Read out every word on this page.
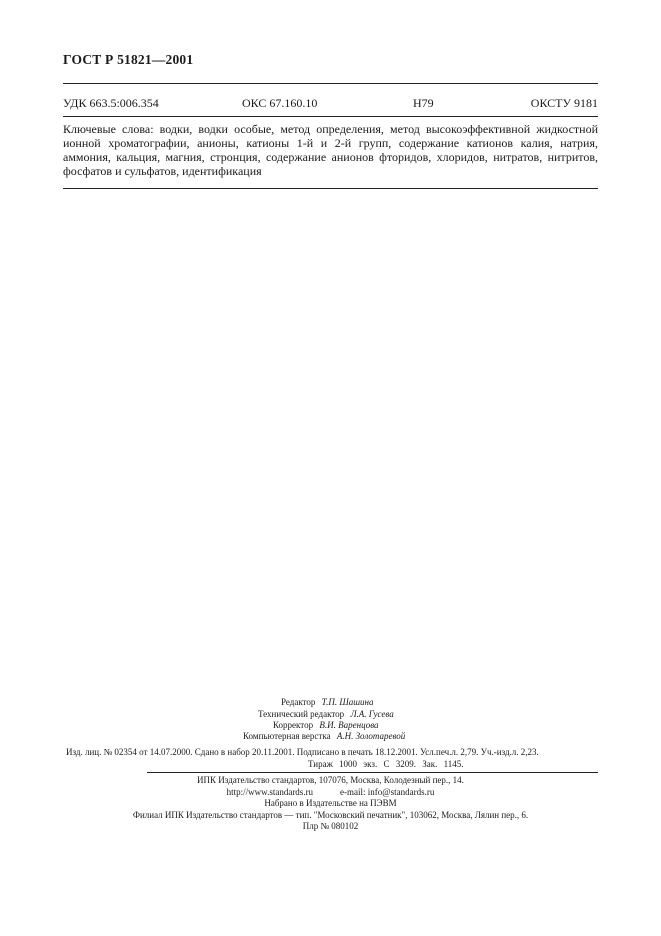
ГОСТ Р 51821—2001
УДК 663.5:006.354	ОКС 67.160.10	Н79	ОКСТУ 9181
Ключевые слова: водки, водки особые, метод определения, метод высокоэффективной жидкостной ионной хроматографии, анионы, катионы 1-й и 2-й групп, содержание катионов калия, натрия, аммония, кальция, магния, стронция, содержание анионов фторидов, хлоридов, нитратов, нитритов, фосфатов и сульфатов, идентификация
Редактор Т.П. Шашина
Технический редактор Л.А. Гусева
Корректор В.И. Варенцова
Компьютерная верстка А.Н. Золотаревой
Изд. лиц. № 02354 от 14.07.2000. Сдано в набор 20.11.2001. Подписано в печать 18.12.2001. Усл.печ.л. 2,79. Уч.-изд.л. 2,23.
Тираж 1000 экз. С 3209. Зак. 1145.
ИПК Издательство стандартов, 107076, Москва, Колодезный пер., 14.
http://www.standards.ru            e-mail: info@standards.ru
Набрано в Издательстве на ПЭВМ
Филиал ИПК Издательство стандартов — тип. "Московский печатник", 103062, Москва, Лялин пер., 6.
Плр № 080102
